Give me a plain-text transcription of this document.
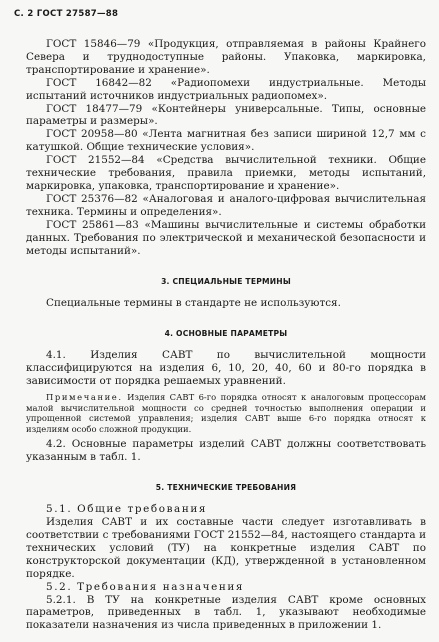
С. 2 ГОСТ 27587—88

ГОСТ 15846—79 «Продукция, отправляемая в районы Крайнего Севера и труднодоступные районы. Упаковка, маркировка, транспортирование и хранение».

ГОСТ 16842—82 «Радиопомехи индустриальные. Методы испытаний источников индустриальных радиопомех».

ГОСТ 18477—79 «Контейнеры универсальные. Типы, основные параметры и размеры».

ГОСТ 20958—80 «Лента магнитная без записи шириной 12,7 мм с катушкой. Общие технические условия».

ГОСТ 21552—84 «Средства вычислительной техники. Общие технические требования, правила приемки, методы испытаний, маркировка, упаковка, транспортирование и хранение».

ГОСТ 25376—82 «Аналоговая и аналого-цифровая вычислительная техника. Термины и определения».

ГОСТ 25861—83 «Машины вычислительные и системы обработки данных. Требования по электрической и механической безопасности и методы испытаний».

3. СПЕЦИАЛЬНЫЕ ТЕРМИНЫ

Специальные термины в стандарте не используются.

4. ОСНОВНЫЕ ПАРАМЕТРЫ

4.1. Изделия САВТ по вычислительной мощности классифицируются на изделия 6, 10, 20, 40, 60 и 80-го порядка в зависимости от порядка решаемых уравнений.

Примечание. Изделия САВТ 6-го порядка относят к аналоговым процессорам малой вычислительной мощности со средней точностью выполнения операции и упрощенной системой управления; изделия САВТ выше 6-го порядка относят к изделиям особо сложной продукции.

4.2. Основные параметры изделий САВТ должны соответствовать указанным в табл. 1.

5. ТЕХНИЧЕСКИЕ ТРЕБОВАНИЯ

5.1. Общие требования

Изделия САВТ и их составные части следует изготавливать в соответствии с требованиями ГОСТ 21552—84, настоящего стандарта и технических условий (ТУ) на конкретные изделия САВТ по конструкторской документации (КД), утвержденной в установленном порядке.

5.2. Требования назначения

5.2.1. В ТУ на конкретные изделия САВТ кроме основных параметров, приведенных в табл. 1, указывают необходимые показатели назначения из числа приведенных в приложении 1.
